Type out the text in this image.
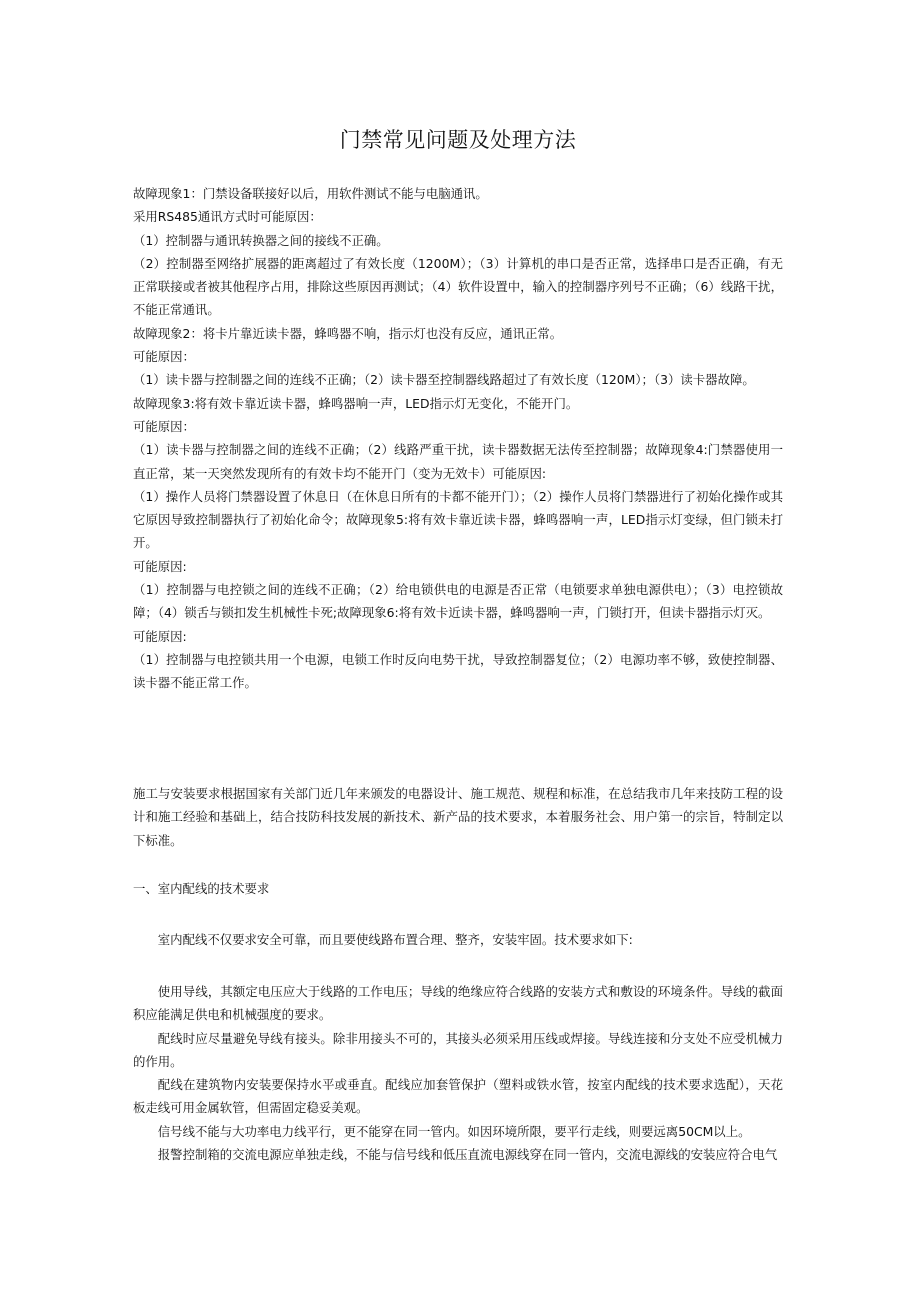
门禁常见问题及处理方法

故障现象1：门禁设备联接好以后，用软件测试不能与电脑通讯。

采用RS485通讯方式时可能原因：

（1）控制器与通讯转换器之间的接线不正确。

（2）控制器至网络扩展器的距离超过了有效长度（1200M）；（3）计算机的串口是否正常，选择串口是否正确，有无正常联接或者被其他程序占用，排除这些原因再测试；（4）软件设置中，输入的控制器序列号不正确；（6）线路干扰，不能正常通讯。

故障现象2：将卡片靠近读卡器，蜂鸣器不响，指示灯也没有反应，通讯正常。

可能原因：

（1）读卡器与控制器之间的连线不正确；（2）读卡器至控制器线路超过了有效长度（120M）；（3）读卡器故障。

故障现象3:将有效卡靠近读卡器，蜂鸣器响一声，LED指示灯无变化，不能开门。

可能原因：

（1）读卡器与控制器之间的连线不正确；（2）线路严重干扰，读卡器数据无法传至控制器；故障现象4:门禁器使用一直正常，某一天突然发现所有的有效卡均不能开门（变为无效卡）可能原因:

（1）操作人员将门禁器设置了休息日（在休息日所有的卡都不能开门）；（2）操作人员将门禁器进行了初始化操作或其它原因导致控制器执行了初始化命令；故障现象5:将有效卡靠近读卡器，蜂鸣器响一声，LED指示灯变绿，但门锁未打开。

可能原因:

（1）控制器与电控锁之间的连线不正确；（2）给电锁供电的电源是否正常（电锁要求单独电源供电）；（3）电控锁故障；（4）锁舌与锁扣发生机械性卡死;故障现象6:将有效卡近读卡器，蜂鸣器响一声，门锁打开，但读卡器指示灯灭。

可能原因:

（1）控制器与电控锁共用一个电源，电锁工作时反向电势干扰，导致控制器复位；（2）电源功率不够，致使控制器、读卡器不能正常工作。

施工与安装要求根据国家有关部门近几年来颁发的电器设计、施工规范、规程和标准，在总结我市几年来技防工程的设计和施工经验和基础上，结合技防科技发展的新技术、新产品的技术要求，本着服务社会、用户第一的宗旨，特制定以下标准。

一、室内配线的技术要求

室内配线不仅要求安全可靠，而且要使线路布置合理、整齐，安装牢固。技术要求如下:

使用导线，其额定电压应大于线路的工作电压；导线的绝缘应符合线路的安装方式和敷设的环境条件。导线的截面积应能满足供电和机械强度的要求。

配线时应尽量避免导线有接头。除非用接头不可的，其接头必须采用压线或焊接。导线连接和分支处不应受机械力的作用。

配线在建筑物内安装要保持水平或垂直。配线应加套管保护（塑料或铁水管，按室内配线的技术要求选配），天花板走线可用金属软管，但需固定稳妥美观。

信号线不能与大功率电力线平行，更不能穿在同一管内。如因环境所限，要平行走线，则要远离50CM以上。

报警控制箱的交流电源应单独走线，不能与信号线和低压直流电源线穿在同一管内，交流电源线的安装应符合电气
